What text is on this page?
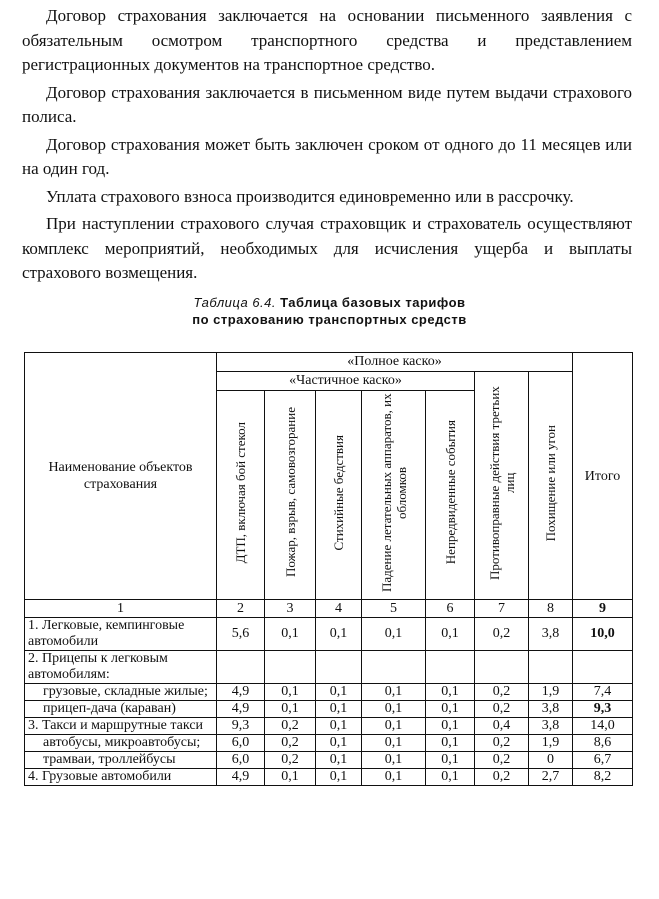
Договор страхования заключается на основании письменного заявления с обязательным осмотром транспортного средства и представлением регистрационных документов на транспортное средство.

Договор страхования заключается в письменном виде путем выдачи страхового полиса.

Договор страхования может быть заключен сроком от одного до 11 месяцев или на один год.

Уплата страхового взноса производится единовременно или в рассрочку.

При наступлении страхового случая страховщик и страхователь осуществляют комплекс мероприятий, необходимых для исчисления ущерба и выплаты страхового возмещения.

Таблица 6.4. Таблица базовых тарифов
по страхованию транспортных средств
Наименование объектов страхования	«Полное каско»							Итого
	«Частичное каско»					Противоправные действия третьих лиц	Похищение или угон	
	ДТП, включая бой стекол	Пожар, взрыв, самовозгорание	Стихийные бедствия	Падение летательных аппаратов, их обломков	Непредвиденные события			
1	2	3	4	5	6	7	8	9
1. Легковые, кемпинговые автомобили	5,6	0,1	0,1	0,1	0,1	0,2	3,8	10,0
2. Прицепы к легковым автомобилям:								
грузовые, складные жилые;	4,9	0,1	0,1	0,1	0,1	0,2	1,9	7,4
прицеп-дача (караван)	4,9	0,1	0,1	0,1	0,1	0,2	3,8	9,3
3. Такси и маршрутные такси	9,3	0,2	0,1	0,1	0,1	0,4	3,8	14,0
автобусы, микроавтобусы;	6,0	0,2	0,1	0,1	0,1	0,2	1,9	8,6
трамваи, троллейбусы	6,0	0,2	0,1	0,1	0,1	0,2	0	6,7
4. Грузовые автомобили	4,9	0,1	0,1	0,1	0,1	0,2	2,7	8,2
